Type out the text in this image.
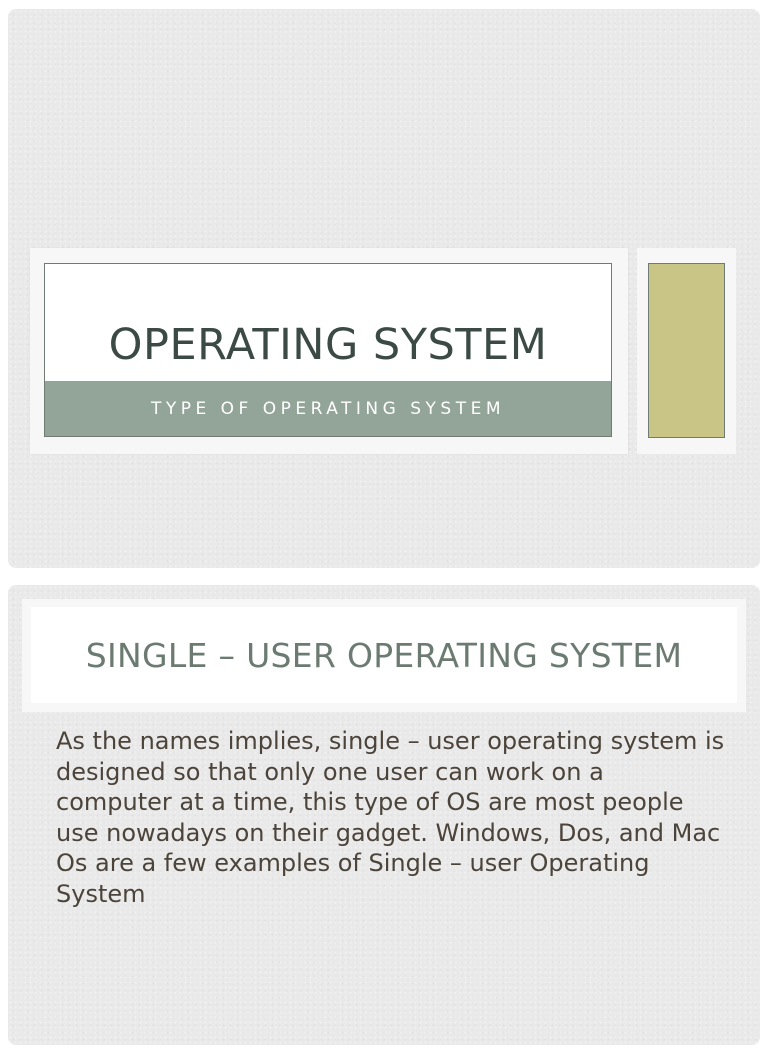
OPERATING SYSTEM
TYPE OF OPERATING SYSTEM
SINGLE – USER OPERATING SYSTEM

As the names implies, single – user operating system is designed so that only one user can work on a computer at a time, this type of OS are most people use nowadays on their gadget. Windows, Dos, and Mac Os are a few examples of Single – user Operating System
